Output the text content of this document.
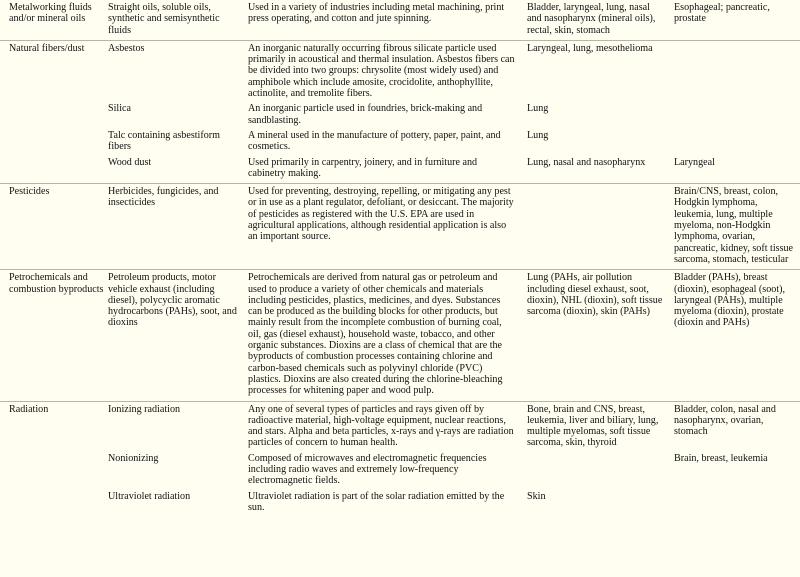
Metalworking fluids and/or mineral oils	Straight oils, soluble oils, synthetic and semisynthetic fluids	Used in a variety of industries including metal machining, print press operating, and cotton and jute spinning.	Bladder, laryngeal, lung, nasal and nasopharynx (mineral oils), rectal, skin, stomach	Esophageal; pancreatic, prostate

Natural fibers/dust	Asbestos	An inorganic naturally occurring fibrous silicate particle used primarily in acoustical and thermal insulation. Asbestos fibers can be divided into two groups: chrysolite (most widely used) and amphibole which include amosite, crocidolite, anthophyllite, actinolite, and tremolite fibers.	Laryngeal, lung, mesothelioma	

	Silica	An inorganic particle used in foundries, brick-making and sandblasting.	Lung	

	Talc containing asbestiform fibers	A mineral used in the manufacture of pottery, paper, paint, and cosmetics.	Lung	

	Wood dust	Used primarily in carpentry, joinery, and in furniture and cabinetry making.	Lung, nasal and nasopharynx	Laryngeal

Pesticides	Herbicides, fungicides, and insecticides	Used for preventing, destroying, repelling, or mitigating any pest or in use as a plant regulator, defoliant, or desiccant. The majority of pesticides as registered with the U.S. EPA are used in agricultural applications, although residential application is also an important source.		Brain/CNS, breast, colon, Hodgkin lymphoma, leukemia, lung, multiple myeloma, non-Hodgkin lymphoma, ovarian, pancreatic, kidney, soft tissue sarcoma, stomach, testicular

Petrochemicals and combustion byproducts	Petroleum products, motor vehicle exhaust (including diesel), polycyclic aromatic hydrocarbons (PAHs), soot, and dioxins	Petrochemicals are derived from natural gas or petroleum and used to produce a variety of other chemicals and materials including pesticides, plastics, medicines, and dyes. Substances can be produced as the building blocks for other products, but mainly result from the incomplete combustion of burning coal, oil, gas (diesel exhaust), household waste, tobacco, and other organic substances. Dioxins are a class of chemical that are the byproducts of combustion processes containing chlorine and carbon-based chemicals such as polyvinyl chloride (PVC) plastics. Dioxins are also created during the chlorine-bleaching processes for whitening paper and wood pulp.	Lung (PAHs, air pollution including diesel exhaust, soot, dioxin), NHL (dioxin), soft tissue sarcoma (dioxin), skin (PAHs)	Bladder (PAHs), breast (dioxin), esophageal (soot), laryngeal (PAHs), multiple myeloma (dioxin), prostate (dioxin and PAHs)

Radiation	Ionizing radiation	Any one of several types of particles and rays given off by radioactive material, high-voltage equipment, nuclear reactions, and stars. Alpha and beta particles, x-rays and γ-rays are radiation particles of concern to human health.	Bone, brain and CNS, breast, leukemia, liver and biliary, lung, multiple myelomas, soft tissue sarcoma, skin, thyroid	Bladder, colon, nasal and nasopharynx, ovarian, stomach

	Nonionizing	Composed of microwaves and electromagnetic frequencies including radio waves and extremely low-frequency electromagnetic fields.		Brain, breast, leukemia

	Ultraviolet radiation	Ultraviolet radiation is part of the solar radiation emitted by the sun.	Skin	
